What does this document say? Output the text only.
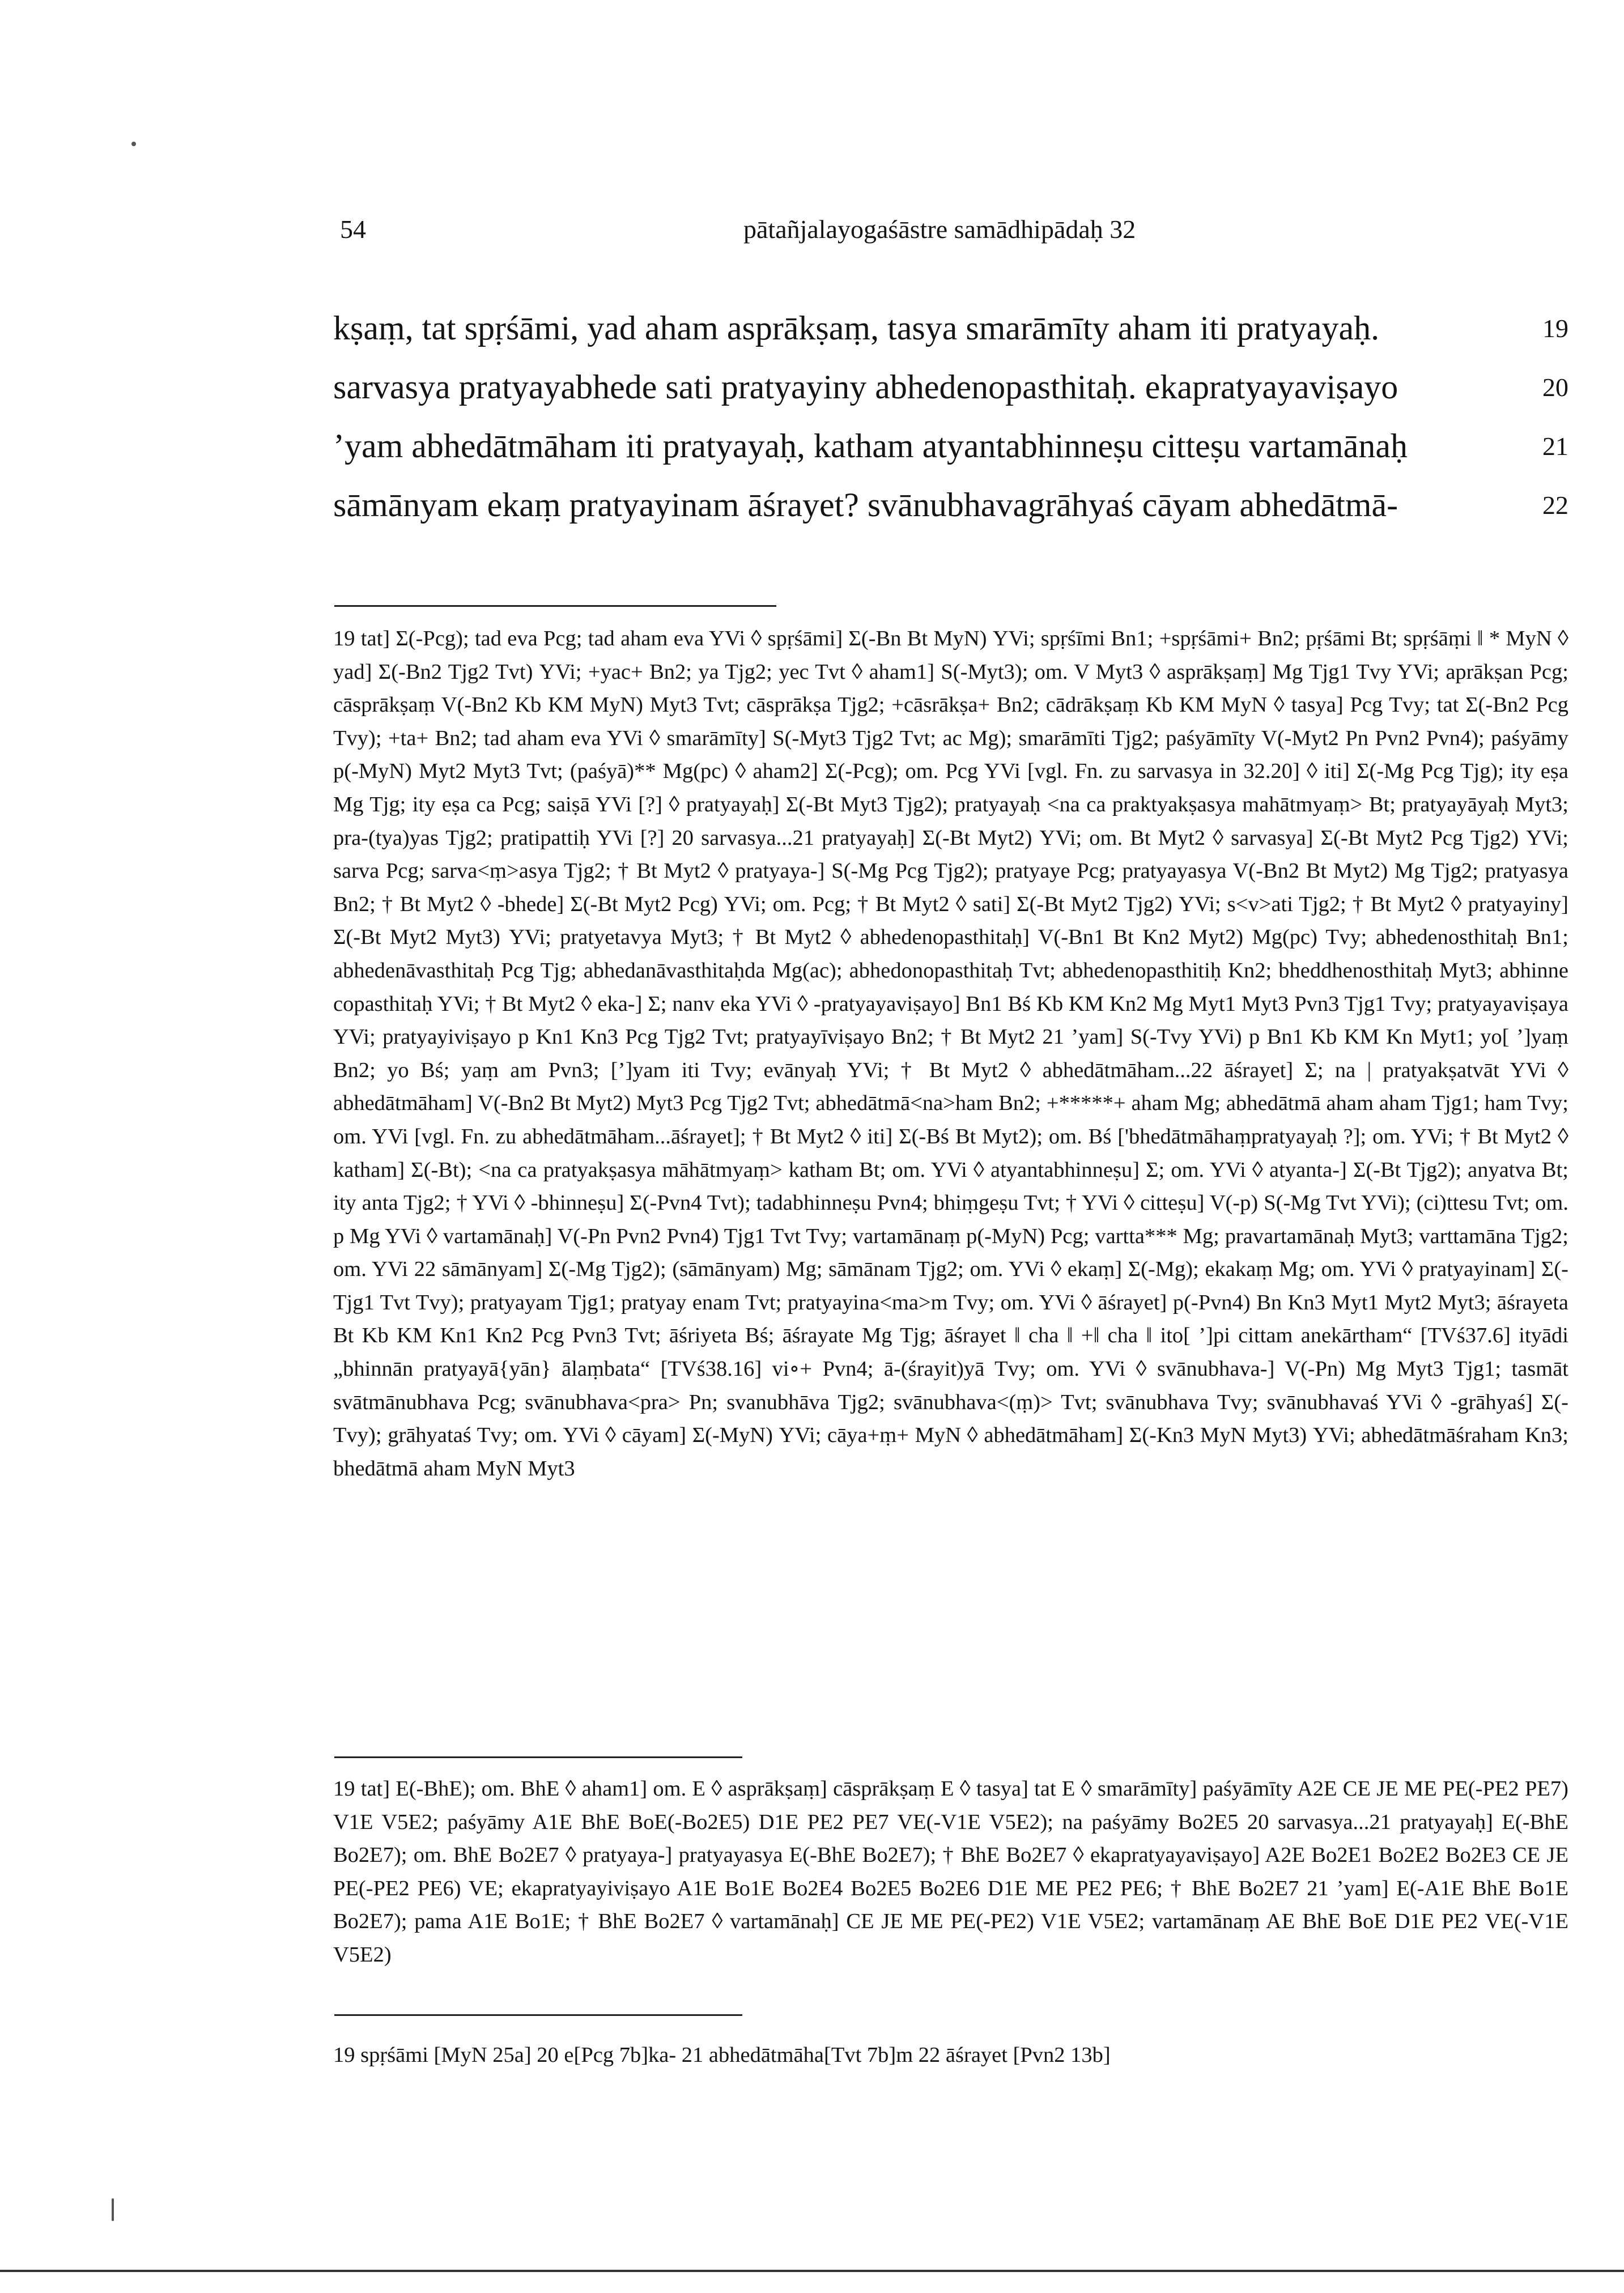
54	pātañjalayogaśāstre samādhipādaḥ 32
kṣaṃ, tat spṛśāmi, yad aham asprākṣaṃ, tasya smarāmīty aham iti pratyayaḥ.	19
sarvasya pratyayabhede sati pratyayiny abhedenopasthitaḥ. ekapratyayaviṣayo	20
’yam abhedātmāham iti pratyayaḥ, katham atyantabhinneṣu citteṣu vartamānaḥ	21
sāmānyam ekaṃ pratyayinam āśrayet? svānubhavagrāhyaś cāyam abhedātmā-	22
19 tat] Σ(-Pcg); tad eva Pcg; tad aham eva YVi ◊ spṛśāmi] Σ(-Bn Bt MyN) YVi; spṛśīmi Bn1; +spṛśāmi+ Bn2; pṛśāmi Bt; spṛśāṃi ‖ * MyN ◊ yad] Σ(-Bn2 Tjg2 Tvt) YVi; +yac+ Bn2; ya Tjg2; yec Tvt ◊ aham1] S(-Myt3); om. V Myt3 ◊ asprākṣaṃ] Mg Tjg1 Tvy YVi; aprākṣan Pcg; cāsprākṣaṃ V(-Bn2 Kb KM MyN) Myt3 Tvt; cāsprākṣa Tjg2; +cāsrākṣa+ Bn2; cādrākṣaṃ Kb KM MyN ◊ tasya] Pcg Tvy; tat Σ(-Bn2 Pcg Tvy); +ta+ Bn2; tad aham eva YVi ◊ smarāmīty] S(-Myt3 Tjg2 Tvt; ac Mg); smarāmīti Tjg2; paśyāmīty V(-Myt2 Pn Pvn2 Pvn4); paśyāmy p(-MyN) Myt2 Myt3 Tvt; (paśyā)** Mg(pc) ◊ aham2] Σ(-Pcg); om. Pcg YVi [vgl. Fn. zu sarvasya in 32.20] ◊ iti] Σ(-Mg Pcg Tjg); ity eṣa Mg Tjg; ity eṣa ca Pcg; saiṣā YVi [?] ◊ pratyayaḥ] Σ(-Bt Myt3 Tjg2); pratyayaḥ <na ca praktyakṣasya mahātmyaṃ> Bt; pratyayāyaḥ Myt3; pra-(tya)yas Tjg2; pratipattiḥ YVi [?] 20 sarvasya...21 pratyayaḥ] Σ(-Bt Myt2) YVi; om. Bt Myt2 ◊ sarvasya] Σ(-Bt Myt2 Pcg Tjg2) YVi; sarva Pcg; sarva<ṃ>asya Tjg2; † Bt Myt2 ◊ pratyaya-] S(-Mg Pcg Tjg2); pratyaye Pcg; pratyayasya V(-Bn2 Bt Myt2) Mg Tjg2; pratyasya Bn2; † Bt Myt2 ◊ -bhede] Σ(-Bt Myt2 Pcg) YVi; om. Pcg; † Bt Myt2 ◊ sati] Σ(-Bt Myt2 Tjg2) YVi; s<v>ati Tjg2; † Bt Myt2 ◊ pratyayiny] Σ(-Bt Myt2 Myt3) YVi; pratyetavya Myt3; † Bt Myt2 ◊ abhedenopasthitaḥ] V(-Bn1 Bt Kn2 Myt2) Mg(pc) Tvy; abhedenosthitaḥ Bn1; abhedenāvasthitaḥ Pcg Tjg; abhedanāvasthitaḥda Mg(ac); abhedonopasthitaḥ Tvt; abhedenopasthitiḥ Kn2; bheddhenosthitaḥ Myt3; abhinne copasthitaḥ YVi; † Bt Myt2 ◊ eka-] Σ; nanv eka YVi ◊ -pratyayaviṣayo] Bn1 Bś Kb KM Kn2 Mg Myt1 Myt3 Pvn3 Tjg1 Tvy; pratyayaviṣaya YVi; pratyayiviṣayo p Kn1 Kn3 Pcg Tjg2 Tvt; pratyayīviṣayo Bn2; † Bt Myt2 21 ’yam] S(-Tvy YVi) p Bn1 Kb KM Kn Myt1; yo[ ’]yaṃ Bn2; yo Bś; yaṃ am Pvn3; [’]yam iti Tvy; evānyaḥ YVi; † Bt Myt2 ◊ abhedātmāham...22 āśrayet] Σ; na | pratyakṣatvāt YVi ◊ abhedātmāham] V(-Bn2 Bt Myt2) Myt3 Pcg Tjg2 Tvt; abhedātmā<na>ham Bn2; +*****+ aham Mg; abhedātmā aham aham Tjg1; ham Tvy; om. YVi [vgl. Fn. zu abhedātmāham...āśrayet]; † Bt Myt2 ◊ iti] Σ(-Bś Bt Myt2); om. Bś ['bhedātmāhaṃpratyayaḥ ?]; om. YVi; † Bt Myt2 ◊ katham] Σ(-Bt); <na ca pratyakṣasya māhātmyaṃ> katham Bt; om. YVi ◊ atyantabhinneṣu] Σ; om. YVi ◊ atyanta-] Σ(-Bt Tjg2); anyatva Bt; ity anta Tjg2; † YVi ◊ -bhinneṣu] Σ(-Pvn4 Tvt); tadabhinneṣu Pvn4; bhiṃgeṣu Tvt; † YVi ◊ citteṣu] V(-p) S(-Mg Tvt YVi); (ci)ttesu Tvt; om. p Mg YVi ◊ vartamānaḥ] V(-Pn Pvn2 Pvn4) Tjg1 Tvt Tvy; vartamānaṃ p(-MyN) Pcg; vartta*** Mg; pravartamānaḥ Myt3; varttamāna Tjg2; om. YVi 22 sāmānyam] Σ(-Mg Tjg2); (sāmānyam) Mg; sāmānam Tjg2; om. YVi ◊ ekaṃ] Σ(-Mg); ekakaṃ Mg; om. YVi ◊ pratyayinam] Σ(-Tjg1 Tvt Tvy); pratyayam Tjg1; pratyay enam Tvt; pratyayina<ma>m Tvy; om. YVi ◊ āśrayet] p(-Pvn4) Bn Kn3 Myt1 Myt2 Myt3; āśrayeta Bt Kb KM Kn1 Kn2 Pcg Pvn3 Tvt; āśriyeta Bś; āśrayate Mg Tjg; āśrayet ‖ cha ‖ +‖ cha ‖ ito[ ’]pi cittam anekārtham“ [TVś37.6] ityādi „bhinnān pratyayā{yān} ālaṃbata“ [TVś38.16] vi∘+ Pvn4; ā-(śrayit)yā Tvy; om. YVi ◊ svānubhava-] V(-Pn) Mg Myt3 Tjg1; tasmāt svātmānubhava Pcg; svānubhava<pra> Pn; svanubhāva Tjg2; svānubhava<(ṃ)> Tvt; svānubhava Tvy; svānubhavaś YVi ◊ -grāhyaś] Σ(-Tvy); grāhyataś Tvy; om. YVi ◊ cāyam] Σ(-MyN) YVi; cāya+ṃ+ MyN ◊ abhedātmāham] Σ(-Kn3 MyN Myt3) YVi; abhedātmāśraham Kn3; bhedātmā aham MyN Myt3
19 tat] E(-BhE); om. BhE ◊ aham1] om. E ◊ asprākṣaṃ] cāsprākṣaṃ E ◊ tasya] tat E ◊ smarāmīty] paśyāmīty A2E CE JE ME PE(-PE2 PE7) V1E V5E2; paśyāmy A1E BhE BoE(-Bo2E5) D1E PE2 PE7 VE(-V1E V5E2); na paśyāmy Bo2E5 20 sarvasya...21 pratyayaḥ] E(-BhE Bo2E7); om. BhE Bo2E7 ◊ pratyaya-] pratyayasya E(-BhE Bo2E7); † BhE Bo2E7 ◊ ekapratyayaviṣayo] A2E Bo2E1 Bo2E2 Bo2E3 CE JE PE(-PE2 PE6) VE; ekapratyayiviṣayo A1E Bo1E Bo2E4 Bo2E5 Bo2E6 D1E ME PE2 PE6; † BhE Bo2E7 21 ’yam] E(-A1E BhE Bo1E Bo2E7); pama A1E Bo1E; † BhE Bo2E7 ◊ vartamānaḥ] CE JE ME PE(-PE2) V1E V5E2; vartamānaṃ AE BhE BoE D1E PE2 VE(-V1E V5E2)
19 spṛśāmi [MyN 25a] 20 e[Pcg 7b]ka- 21 abhedātmāha[Tvt 7b]m 22 āśrayet [Pvn2 13b]
